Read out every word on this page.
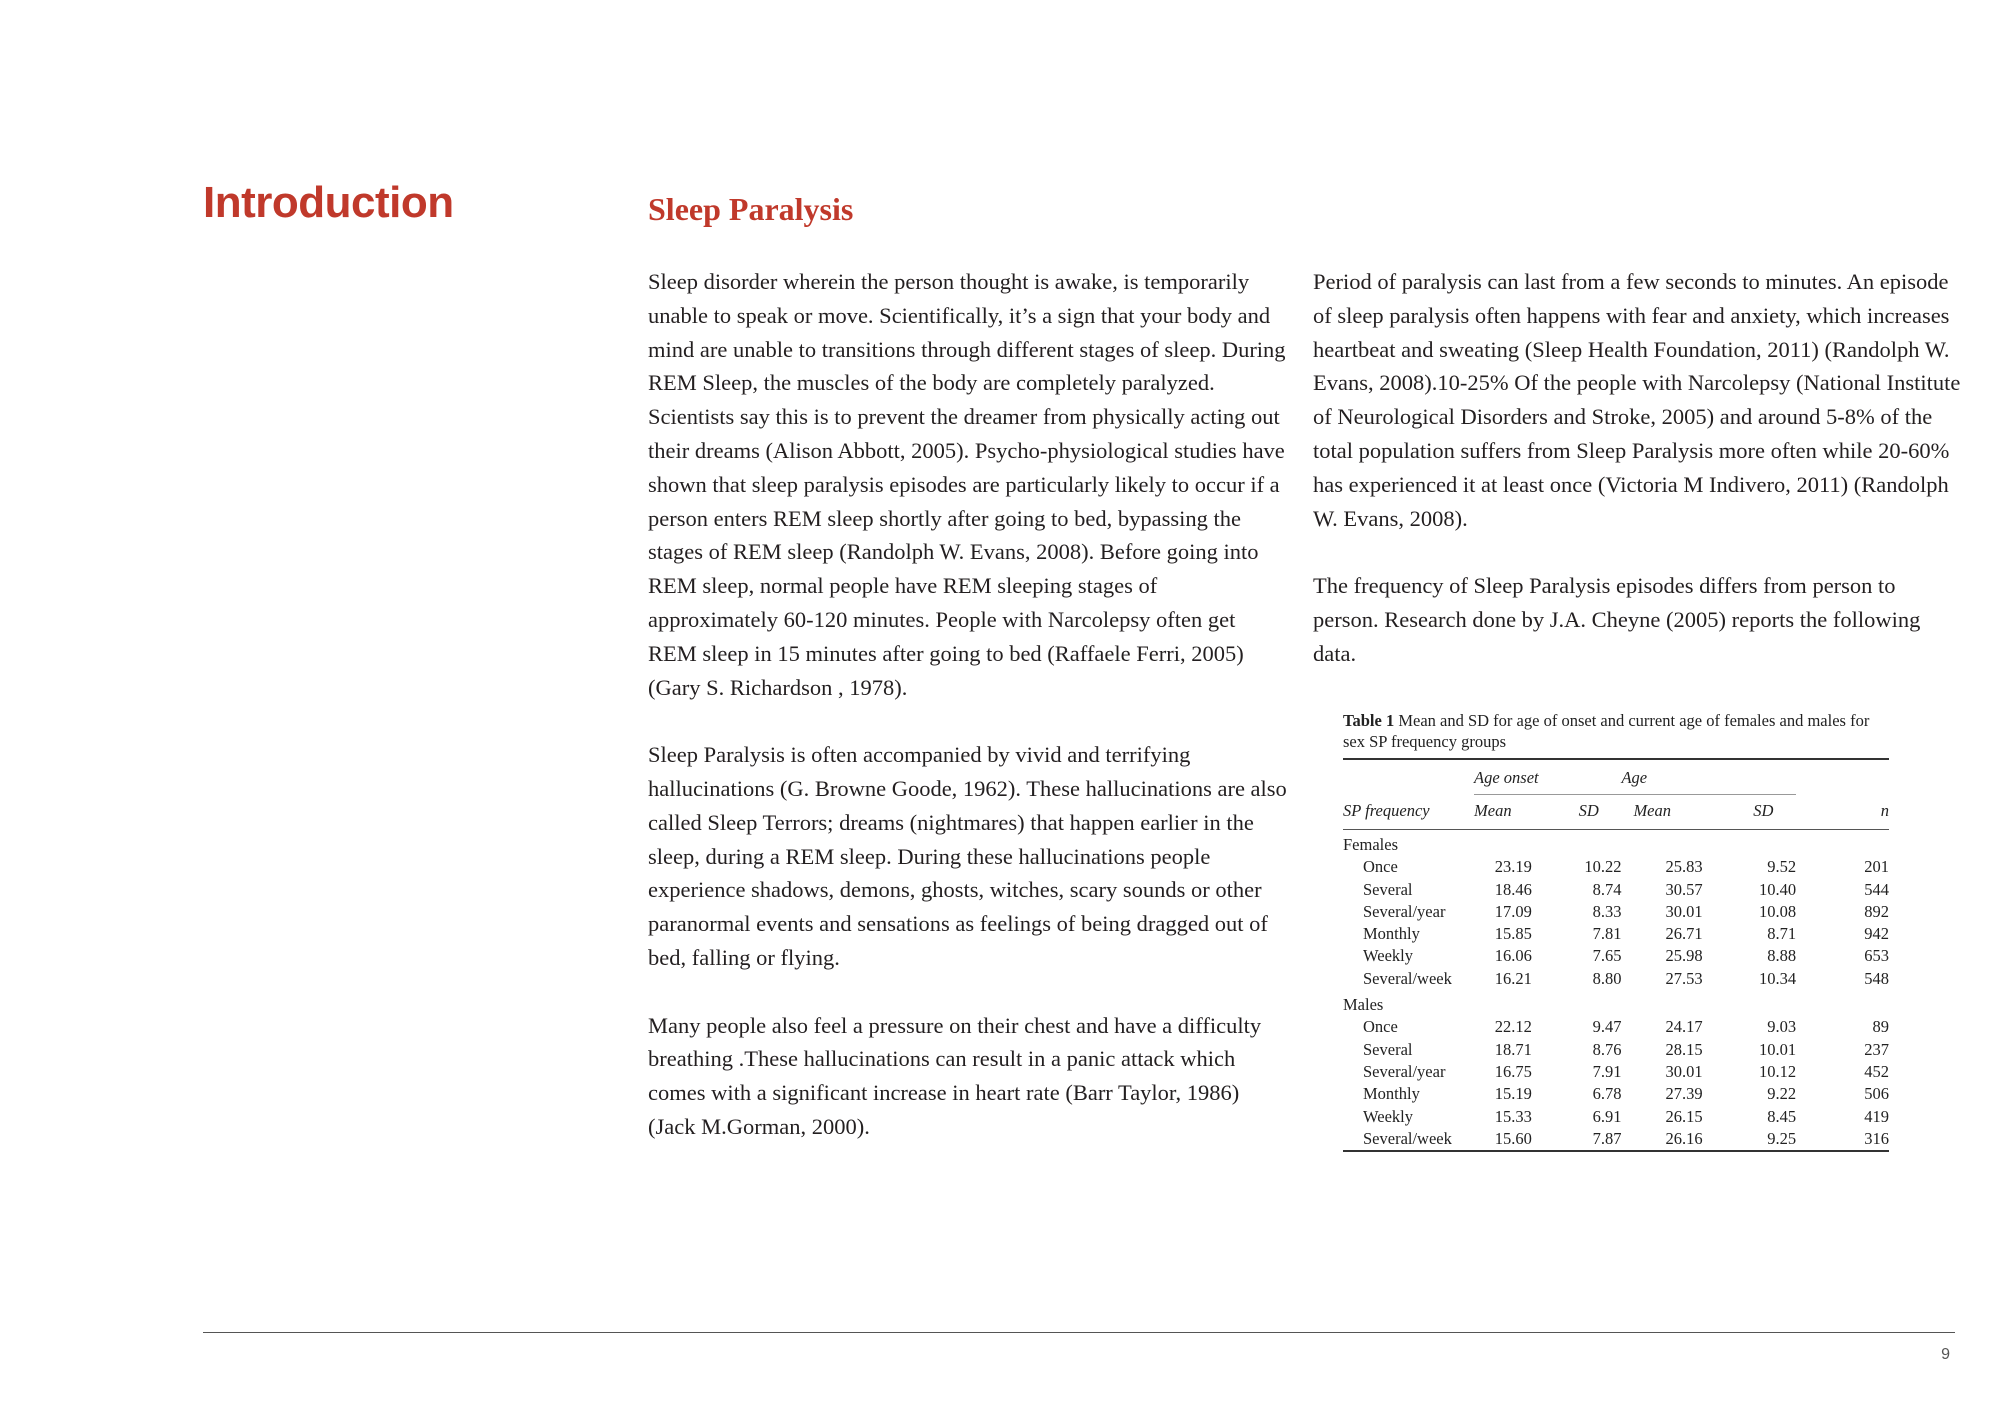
Introduction	Sleep Paralysis

Sleep disorder wherein the person thought is awake, is temporarily unable to speak or move. Scientifically, it’s a sign that your body and mind are unable to transitions through different stages of sleep. During REM Sleep, the muscles of the body are completely paralyzed. Scientists say this is to prevent the dreamer from physically acting out their dreams (Alison Abbott, 2005). Psycho-physiological studies have shown that sleep paralysis episodes are particularly likely to occur if a person enters REM sleep shortly after going to bed, bypassing the stages of REM sleep (Randolph W. Evans, 2008). Before going into REM sleep, normal people have REM sleeping stages of approximately 60-120 minutes. People with Narcolepsy often get REM sleep in 15 minutes after going to bed (Raffaele Ferri, 2005) (Gary S. Richardson , 1978).

Sleep Paralysis is often accompanied by vivid and terrifying hallucinations (G. Browne Goode, 1962). These hallucinations are also called Sleep Terrors; dreams (nightmares) that happen earlier in the sleep, during a REM sleep. During these hallucinations people experience shadows, demons, ghosts, witches, scary sounds or other paranormal events and sensations as feelings of being dragged out of bed, falling or flying.

Many people also feel a pressure on their chest and have a difficulty breathing .These hallucinations can result in a panic attack which comes with a significant increase in heart rate (Barr Taylor, 1986) (Jack M.Gorman, 2000).

Period of paralysis can last from a few seconds to minutes. An episode of sleep paralysis often happens with fear and anxiety, which increases heartbeat and sweating (Sleep Health Foundation, 2011) (Randolph W. Evans, 2008).10-25% Of the people with Narcolepsy (National Institute of Neurological Disorders and Stroke, 2005) and around 5-8% of the total population suffers from Sleep Paralysis more often while 20-60% has experienced it at least once (Victoria M Indivero, 2011) (Randolph W. Evans, 2008).

The frequency of Sleep Paralysis episodes differs from person to person. Research done by J.A. Cheyne (2005) reports the following data.

Table 1 Mean and SD for age of onset and current age of females and males for sex SP frequency groups
	Age onset		Age		
SP frequency	Mean	SD	Mean	SD	n
Females					
Once	23.19	10.22	25.83	9.52	201
Several	18.46	8.74	30.57	10.40	544
Several/year	17.09	8.33	30.01	10.08	892
Monthly	15.85	7.81	26.71	8.71	942
Weekly	16.06	7.65	25.98	8.88	653
Several/week	16.21	8.80	27.53	10.34	548
Males					
Once	22.12	9.47	24.17	9.03	89
Several	18.71	8.76	28.15	10.01	237
Several/year	16.75	7.91	30.01	10.12	452
Monthly	15.19	6.78	27.39	9.22	506
Weekly	15.33	6.91	26.15	8.45	419
Several/week	15.60	7.87	26.16	9.25	316
9
